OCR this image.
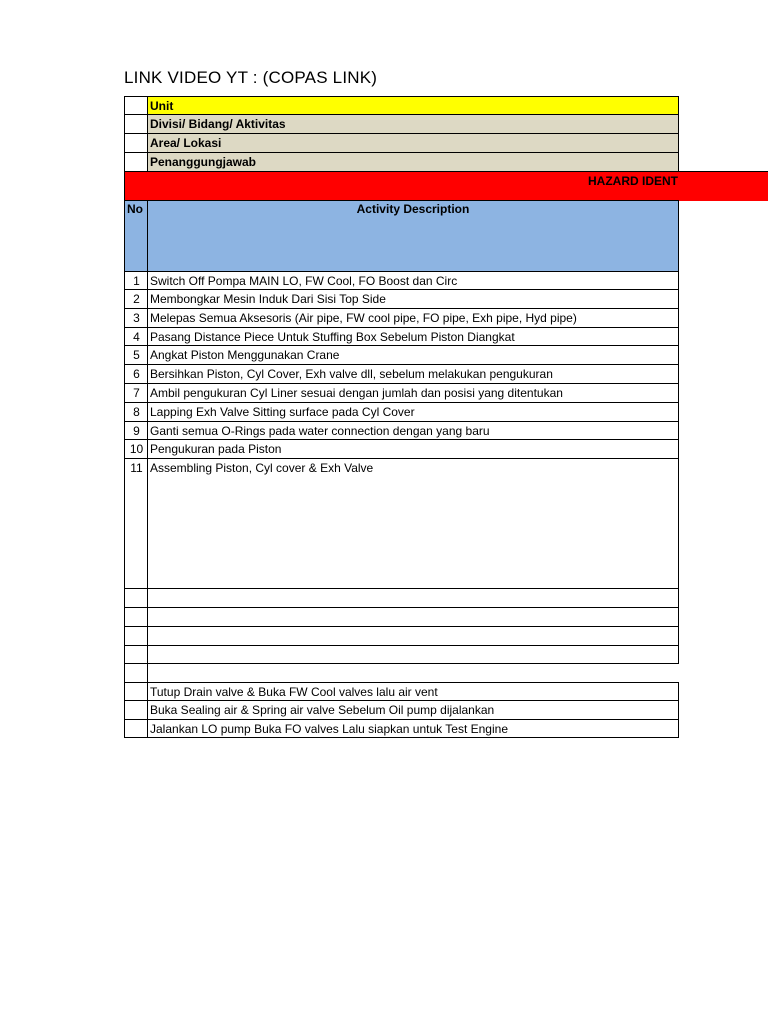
LINK VIDEO YT : (COPAS LINK)
Unit
Divisi/ Bidang/ Aktivitas
Area/ Lokasi
Penanggungjawab
HAZARD IDENT
No	Activity Description
1 Switch Off Pompa MAIN LO, FW Cool, FO Boost dan Circ
2 Membongkar Mesin Induk Dari Sisi Top Side
3 Melepas Semua Aksesoris (Air pipe, FW cool pipe, FO pipe, Exh pipe, Hyd pipe)
4 Pasang Distance Piece Untuk Stuffing Box Sebelum Piston Diangkat
5 Angkat Piston Menggunakan Crane
6 Bersihkan Piston, Cyl Cover, Exh valve dll, sebelum melakukan pengukuran
7 Ambil pengukuran Cyl Liner sesuai dengan jumlah dan posisi yang ditentukan
8 Lapping Exh Valve Sitting surface pada Cyl Cover
9 Ganti semua O-Rings pada water connection dengan yang baru
10 Pengukuran pada Piston
11 Assembling Piston, Cyl cover & Exh Valve
Tutup Drain valve & Buka FW Cool valves lalu air vent
Buka Sealing air & Spring air valve Sebelum Oil pump dijalankan
Jalankan LO pump Buka FO valves Lalu siapkan untuk Test Engine
